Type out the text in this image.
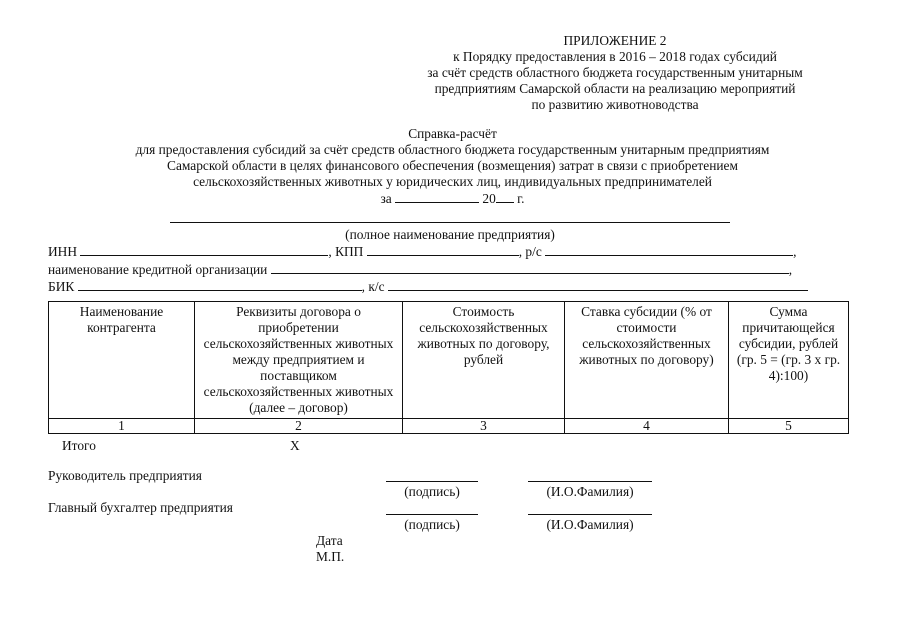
ПРИЛОЖЕНИЕ 2
к Порядку предоставления в 2016 – 2018 годах субсидий
за счёт средств областного бюджета государственным унитарным
предприятиям Самарской области на реализацию мероприятий
по развитию животноводства
Справка-расчёт
для предоставления субсидий за счёт средств областного бюджета государственным унитарным предприятиям
Самарской области в целях финансового обеспечения (возмещения) затрат в связи с приобретением
сельскохозяйственных животных у юридических лиц, индивидуальных предпринимателей
за	20 г.
(полное наименование предприятия)
ИНН	, КПП	, р/с	,
наименование кредитной организации	,
БИК	, к/с
Наименование контрагента	Реквизиты договора о приобретении сельскохозяйственных животных между предприятием и поставщиком сельскохозяйственных животных (далее – договор)	Стоимость сельскохозяйственных животных по договору, рублей	Ставка субсидии (% от стоимости сельскохозяйственных животных по договору)	Сумма причитающейся субсидии, рублей (гр. 5 = (гр. 3 х гр. 4):100)
1	2	3	4	5
Итого	Х
Руководитель предприятия
(подпись)	(И.О.Фамилия)
Главный бухгалтер предприятия
(подпись)	(И.О.Фамилия)
Дата
М.П.
